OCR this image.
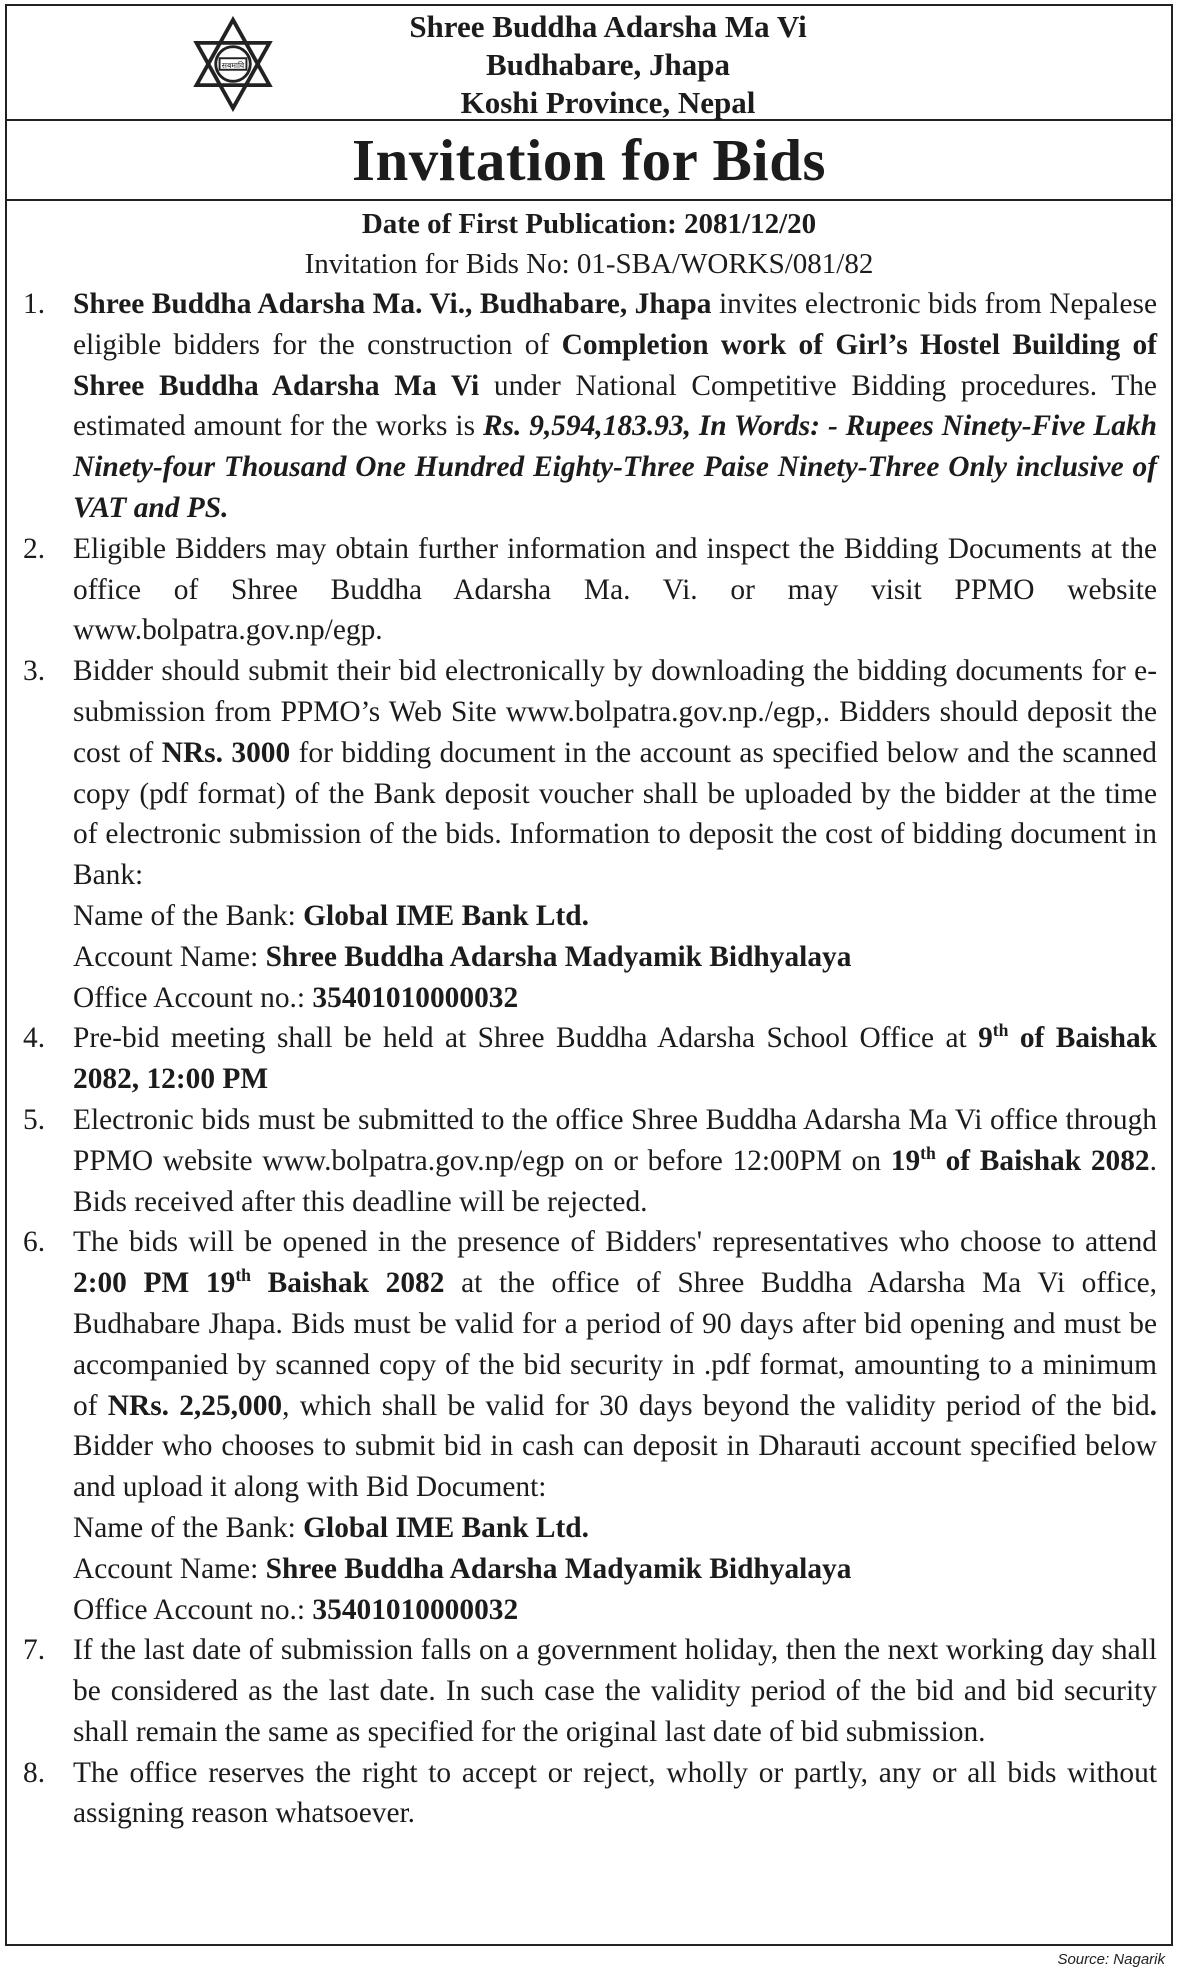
सबमावि
Shree Buddha Adarsha Ma Vi
Budhabare, Jhapa
Koshi Province, Nepal
Invitation for Bids
Date of First Publication: 2081/12/20
Invitation for Bids No: 01-SBA/WORKS/081/82
1. Shree Buddha Adarsha Ma. Vi., Budhabare, Jhapa invites electronic bids from Nepalese eligible bidders for the construction of Completion work of Girl’s Hostel Building of Shree Buddha Adarsha Ma Vi under National Competitive Bidding procedures. The estimated amount for the works is Rs. 9,594,183.93, In Words: - Rupees Ninety-Five Lakh Ninety-four Thousand One Hundred Eighty-Three Paise Ninety-Three Only inclusive of VAT and PS.
2. Eligible Bidders may obtain further information and inspect the Bidding Documents at the office of Shree Buddha Adarsha Ma. Vi. or may visit PPMO website www.bolpatra.gov.np/egp.
3. Bidder should submit their bid electronically by downloading the bidding documents for e-submission from PPMO’s Web Site www.bolpatra.gov.np./egp,. Bidders should deposit the cost of NRs. 3000 for bidding document in the account as specified below and the scanned copy (pdf format) of the Bank deposit voucher shall be uploaded by the bidder at the time of electronic submission of the bids. Information to deposit the cost of bidding document in Bank:
Name of the Bank: Global IME Bank Ltd.
Account Name: Shree Buddha Adarsha Madyamik Bidhyalaya
Office Account no.: 35401010000032
4. Pre-bid meeting shall be held at Shree Buddha Adarsha School Office at 9th of Baishak 2082, 12:00 PM
5. Electronic bids must be submitted to the office Shree Buddha Adarsha Ma Vi office through PPMO website www.bolpatra.gov.np/egp on or before 12:00PM on 19th of Baishak 2082. Bids received after this deadline will be rejected.
6. The bids will be opened in the presence of Bidders' representatives who choose to attend 2:00 PM 19th Baishak 2082 at the office of Shree Buddha Adarsha Ma Vi office, Budhabare Jhapa. Bids must be valid for a period of 90 days after bid opening and must be accompanied by scanned copy of the bid security in .pdf format, amounting to a minimum of NRs. 2,25,000, which shall be valid for 30 days beyond the validity period of the bid. Bidder who chooses to submit bid in cash can deposit in Dharauti account specified below and upload it along with Bid Document:
Name of the Bank: Global IME Bank Ltd.
Account Name: Shree Buddha Adarsha Madyamik Bidhyalaya
Office Account no.: 35401010000032
7. If the last date of submission falls on a government holiday, then the next working day shall be considered as the last date. In such case the validity period of the bid and bid security shall remain the same as specified for the original last date of bid submission.
8. The office reserves the right to accept or reject, wholly or partly, any or all bids without assigning reason whatsoever.
Source: Nagarik
